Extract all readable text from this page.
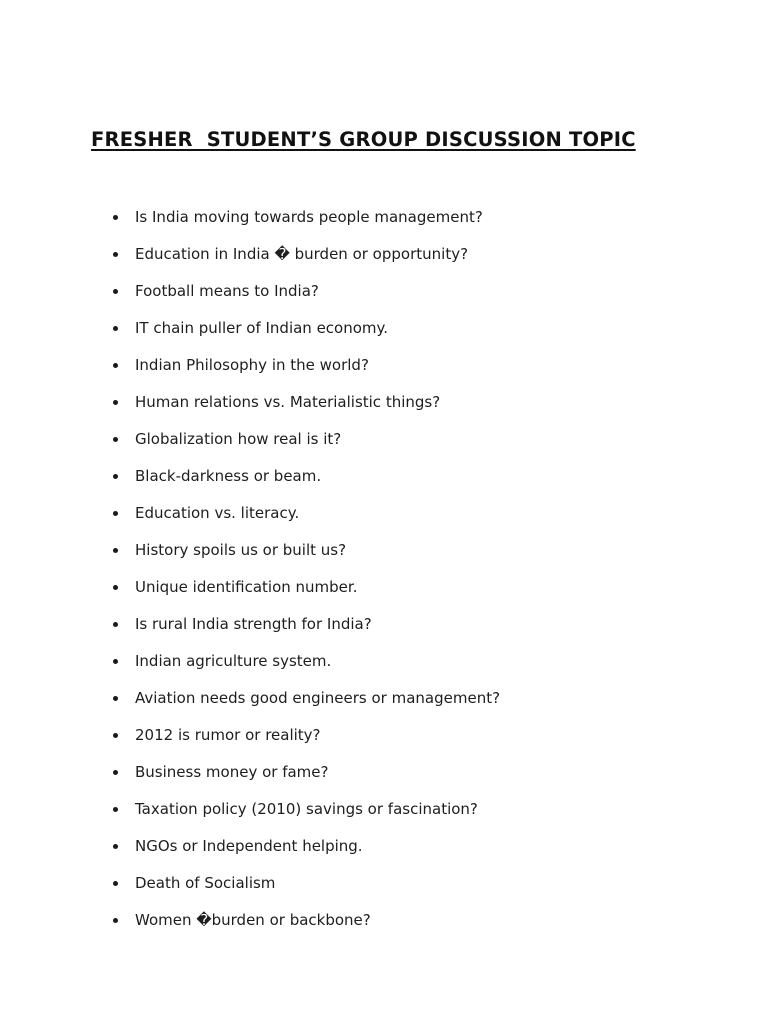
FRESHER  STUDENT’S GROUP DISCUSSION TOPIC
Is India moving towards people management?
Education in India � burden or opportunity?
Football means to India?
IT chain puller of Indian economy.
Indian Philosophy in the world?
Human relations vs. Materialistic things?
Globalization how real is it?
Black-darkness or beam.
Education vs. literacy.
History spoils us or built us?
Unique identification number.
Is rural India strength for India?
Indian agriculture system.
Aviation needs good engineers or management?
2012 is rumor or reality?
Business money or fame?
Taxation policy (2010) savings or fascination?
NGOs or Independent helping.
Death of Socialism
Women �burden or backbone?
